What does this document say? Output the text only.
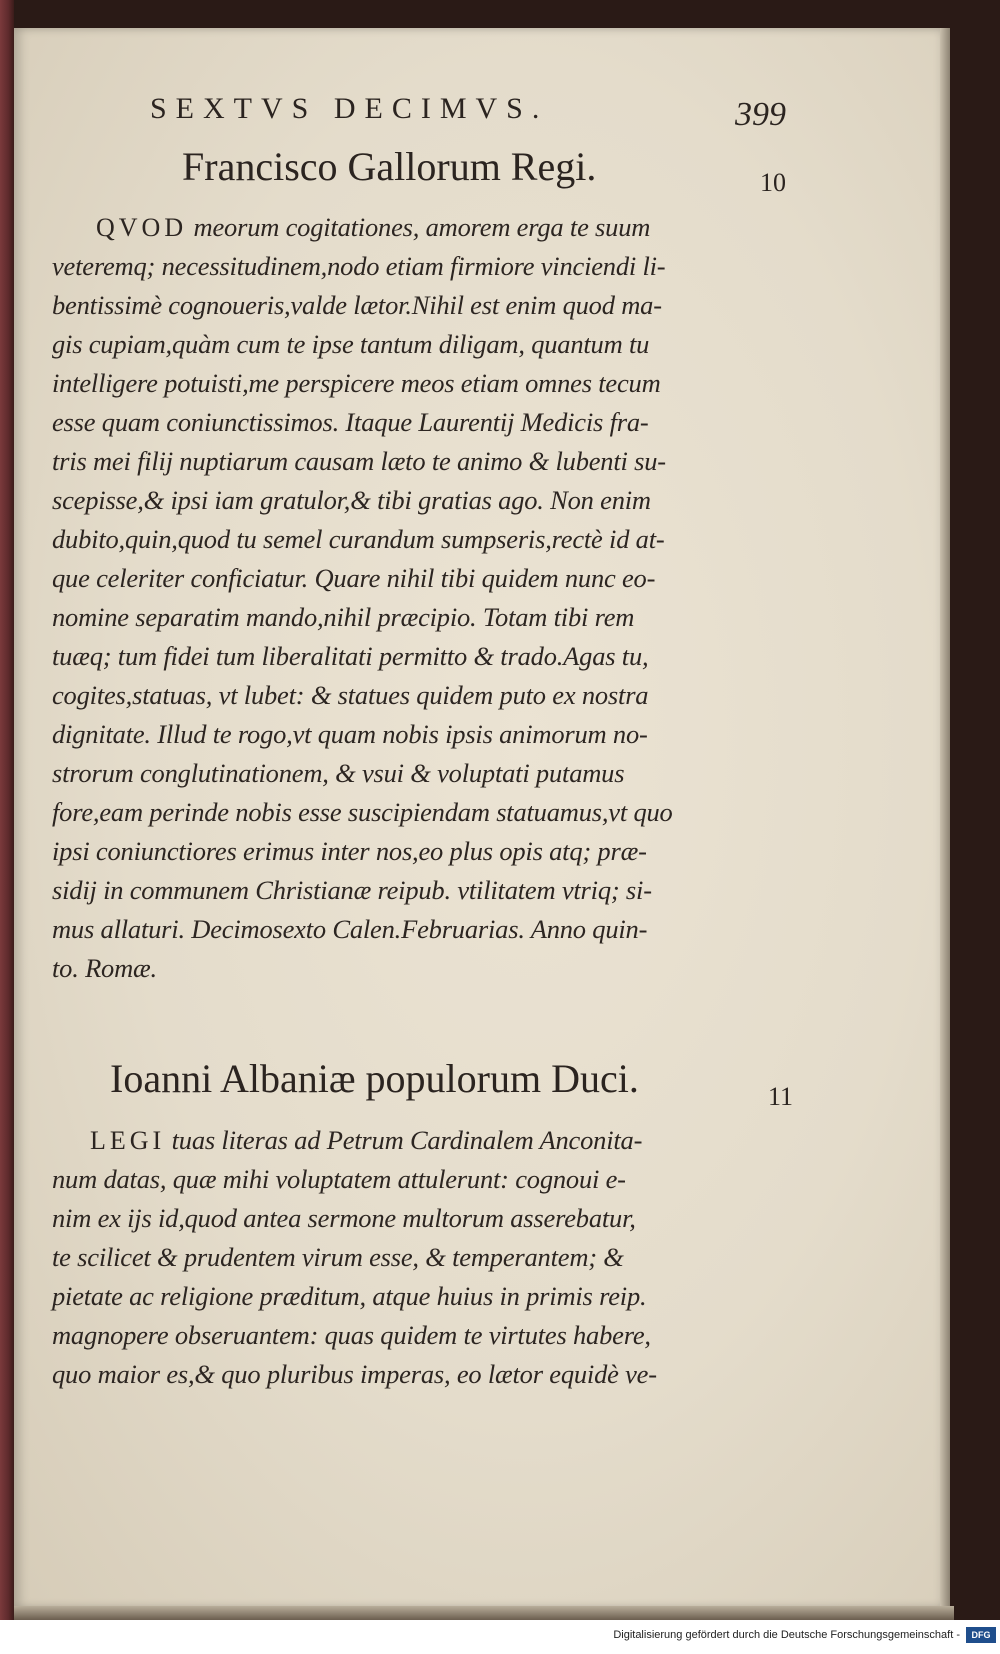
SEXTVS DECIMVS.	399
Francisco Gallorum Regi.	10
QVOD meorum cogitationes, amorem erga te suum
veteremq; necessitudinem,nodo etiam firmiore vinciendi li-
bentissimè cognoueris,valde lætor.Nihil est enim quod ma-
gis cupiam,quàm cum te ipse tantum diligam, quantum tu
intelligere potuisti,me perspicere meos etiam omnes tecum
esse quam coniunctissimos. Itaque Laurentij Medicis fra-
tris mei filij nuptiarum causam læto te animo & lubenti su-
scepisse,& ipsi iam gratulor,& tibi gratias ago. Non enim
dubito,quin,quod tu semel curandum sumpseris,rectè id at-
que celeriter conficiatur. Quare nihil tibi quidem nunc eo-
nomine separatim mando,nihil præcipio. Totam tibi rem
tuæq; tum fidei tum liberalitati permitto & trado.Agas tu,
cogites,statuas, vt lubet: & statues quidem puto ex nostra
dignitate. Illud te rogo,vt quam nobis ipsis animorum no-
strorum conglutinationem, & vsui & voluptati putamus
fore,eam perinde nobis esse suscipiendam statuamus,vt quo
ipsi coniunctiores erimus inter nos,eo plus opis atq; præ-
sidij in communem Christianæ reipub. vtilitatem vtriq; si-
mus allaturi. Decimosexto Calen.Februarias. Anno quin-
to. Romæ.
Ioanni Albaniæ populorum Duci.	11
LEGI tuas literas ad Petrum Cardinalem Anconita-
num datas, quæ mihi voluptatem attulerunt: cognoui e-
nim ex ijs id,quod antea sermone multorum asserebatur,
te scilicet & prudentem virum esse, & temperantem; &
pietate ac religione præditum, atque huius in primis reip.
magnopere obseruantem: quas quidem te virtutes habere,
quo maior es,& quo pluribus imperas, eo lætor equidè ve-
Digitalisierung gefördert durch die Deutsche Forschungsgemeinschaft -	DFG
